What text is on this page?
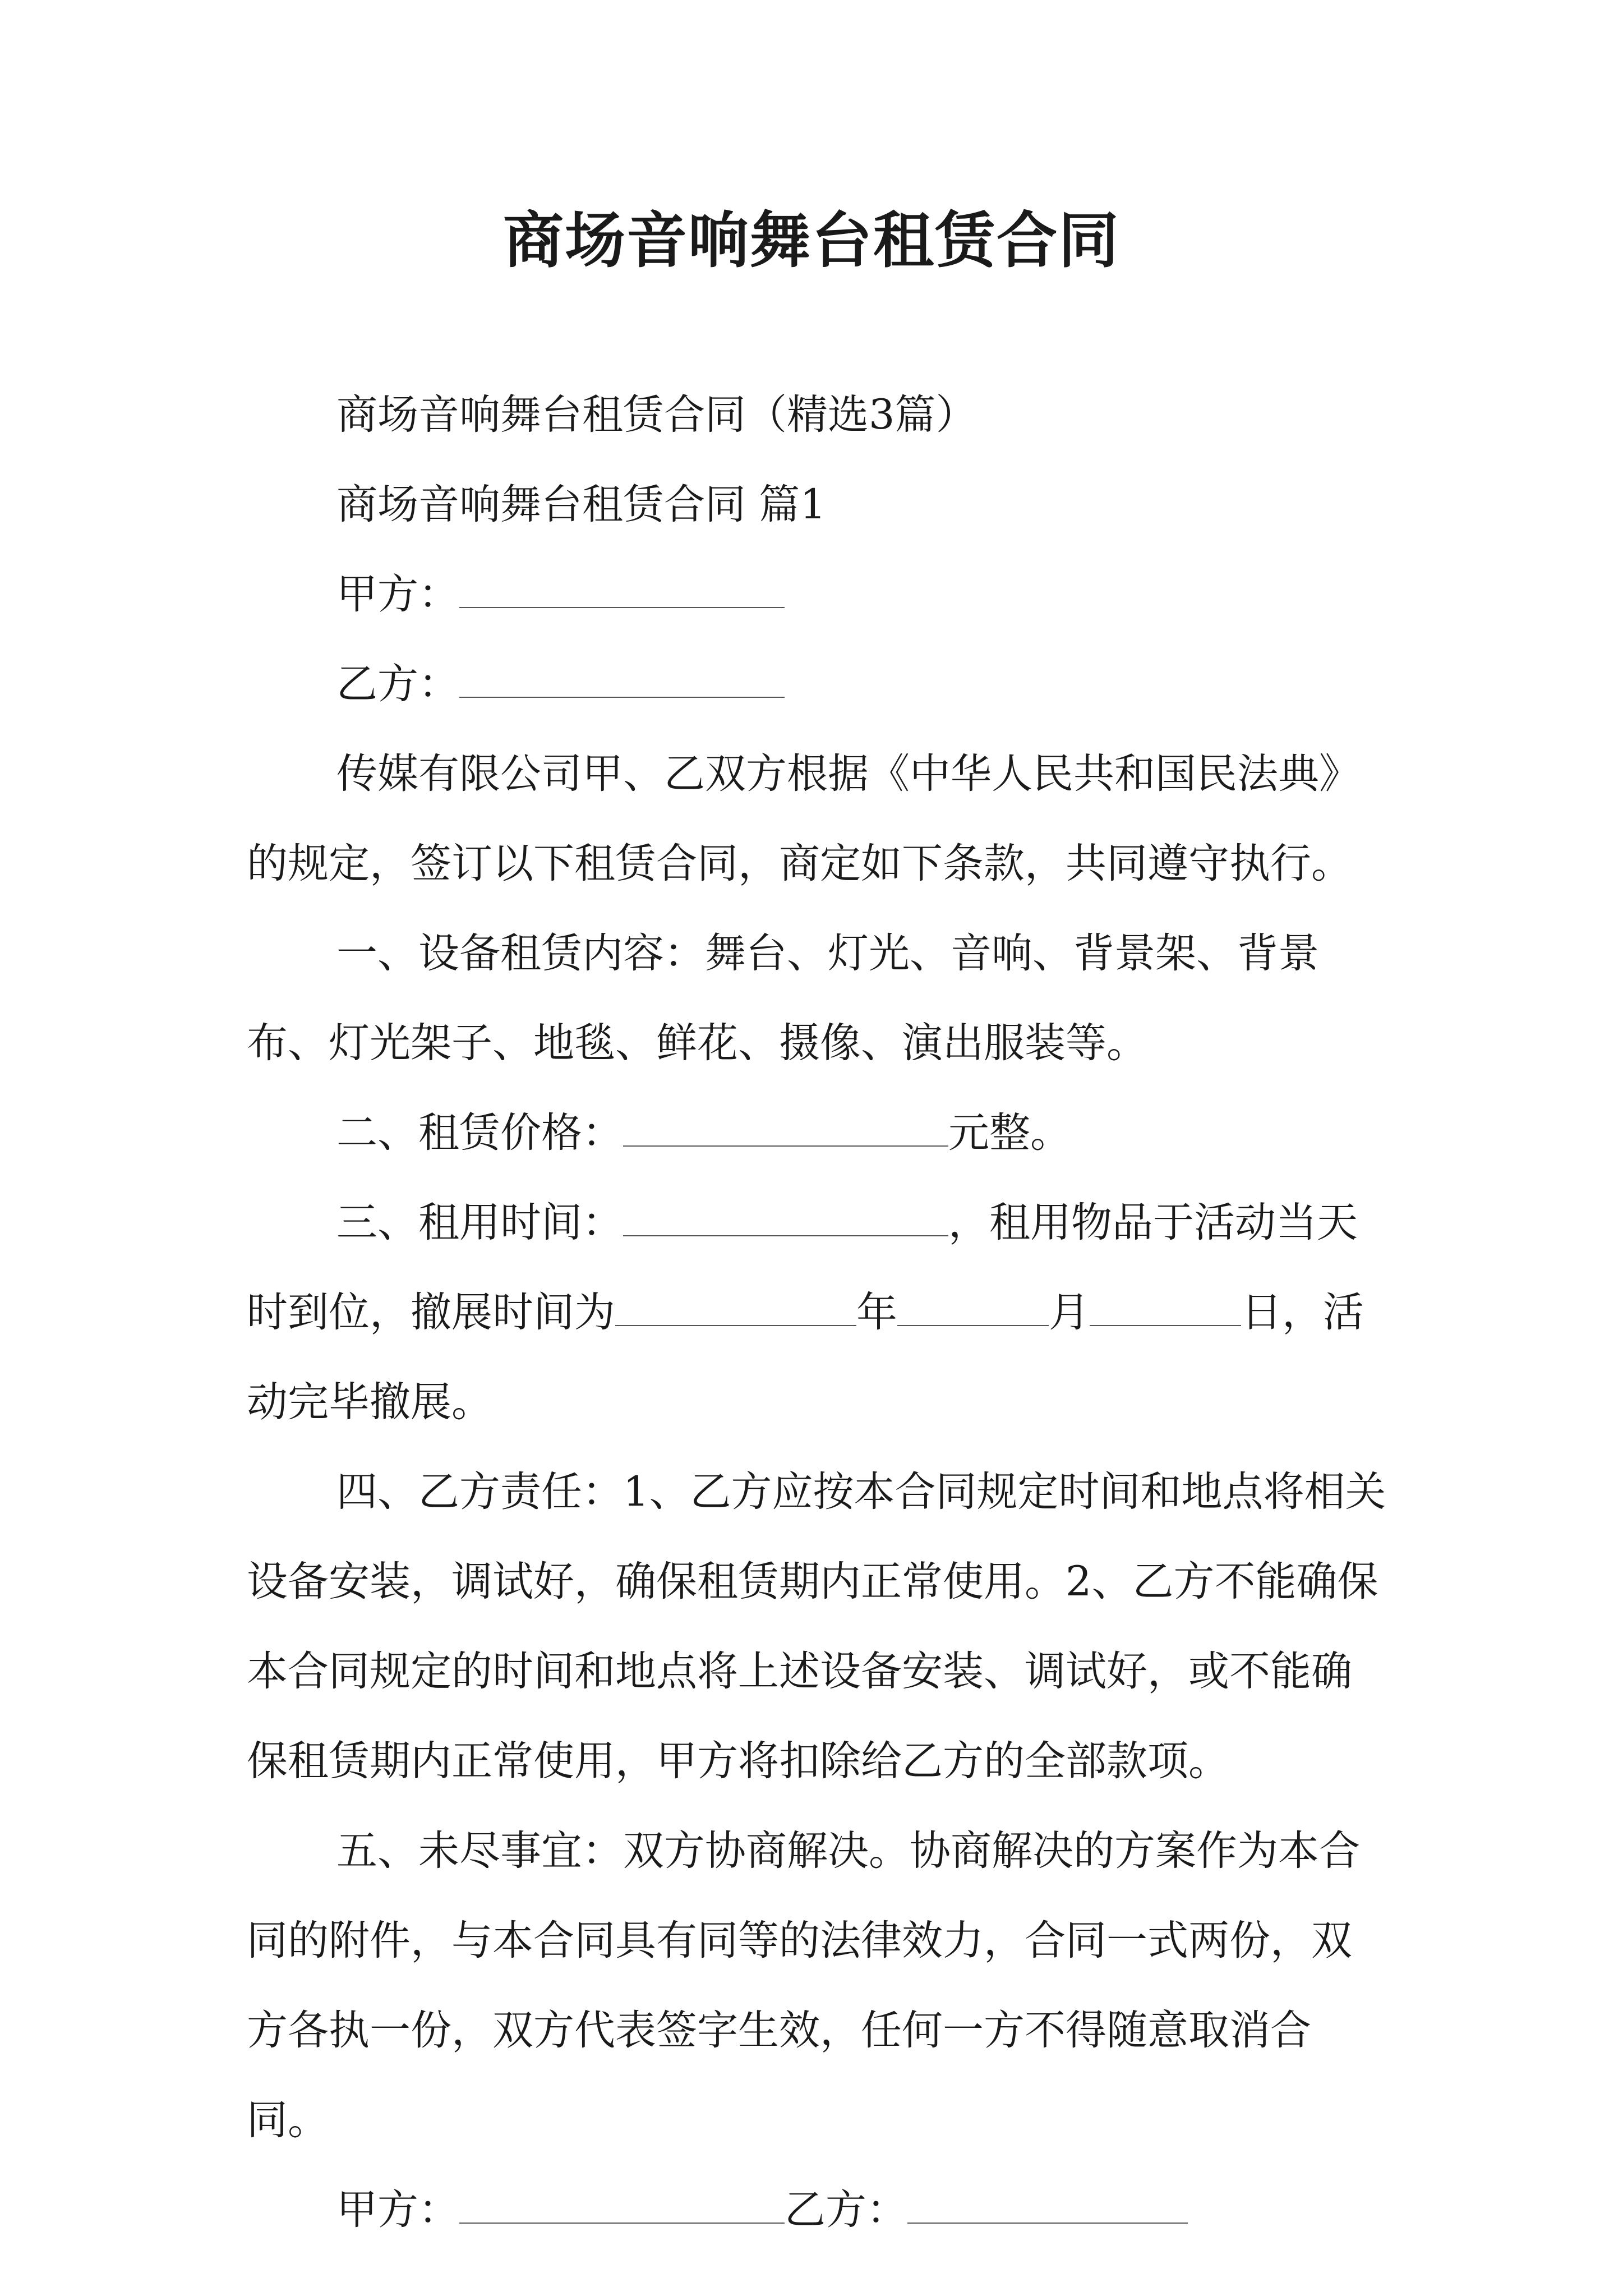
商场音响舞台租赁合同

商场音响舞台租赁合同（精选3篇）

商场音响舞台租赁合同 篇1

甲方：

乙方：

传媒有限公司甲、乙双方根据《中华人民共和国民法典》的规定，签订以下租赁合同，商定如下条款，共同遵守执行。

一、设备租赁内容：舞台、灯光、音响、背景架、背景布、灯光架子、地毯、鲜花、摄像、演出服装等。

二、租赁价格：	元整。

三、租用时间：	，租用物品于活动当天时到位，撤展时间为	年	月	日，活动完毕撤展。

四、乙方责任：1、乙方应按本合同规定时间和地点将相关设备安装，调试好，确保租赁期内正常使用。2、乙方不能确保本合同规定的时间和地点将上述设备安装、调试好，或不能确保租赁期内正常使用，甲方将扣除给乙方的全部款项。

五、未尽事宜：双方协商解决。协商解决的方案作为本合同的附件，与本合同具有同等的法律效力，合同一式两份，双方各执一份，双方代表签字生效，任何一方不得随意取消合同。

甲方：	乙方：
